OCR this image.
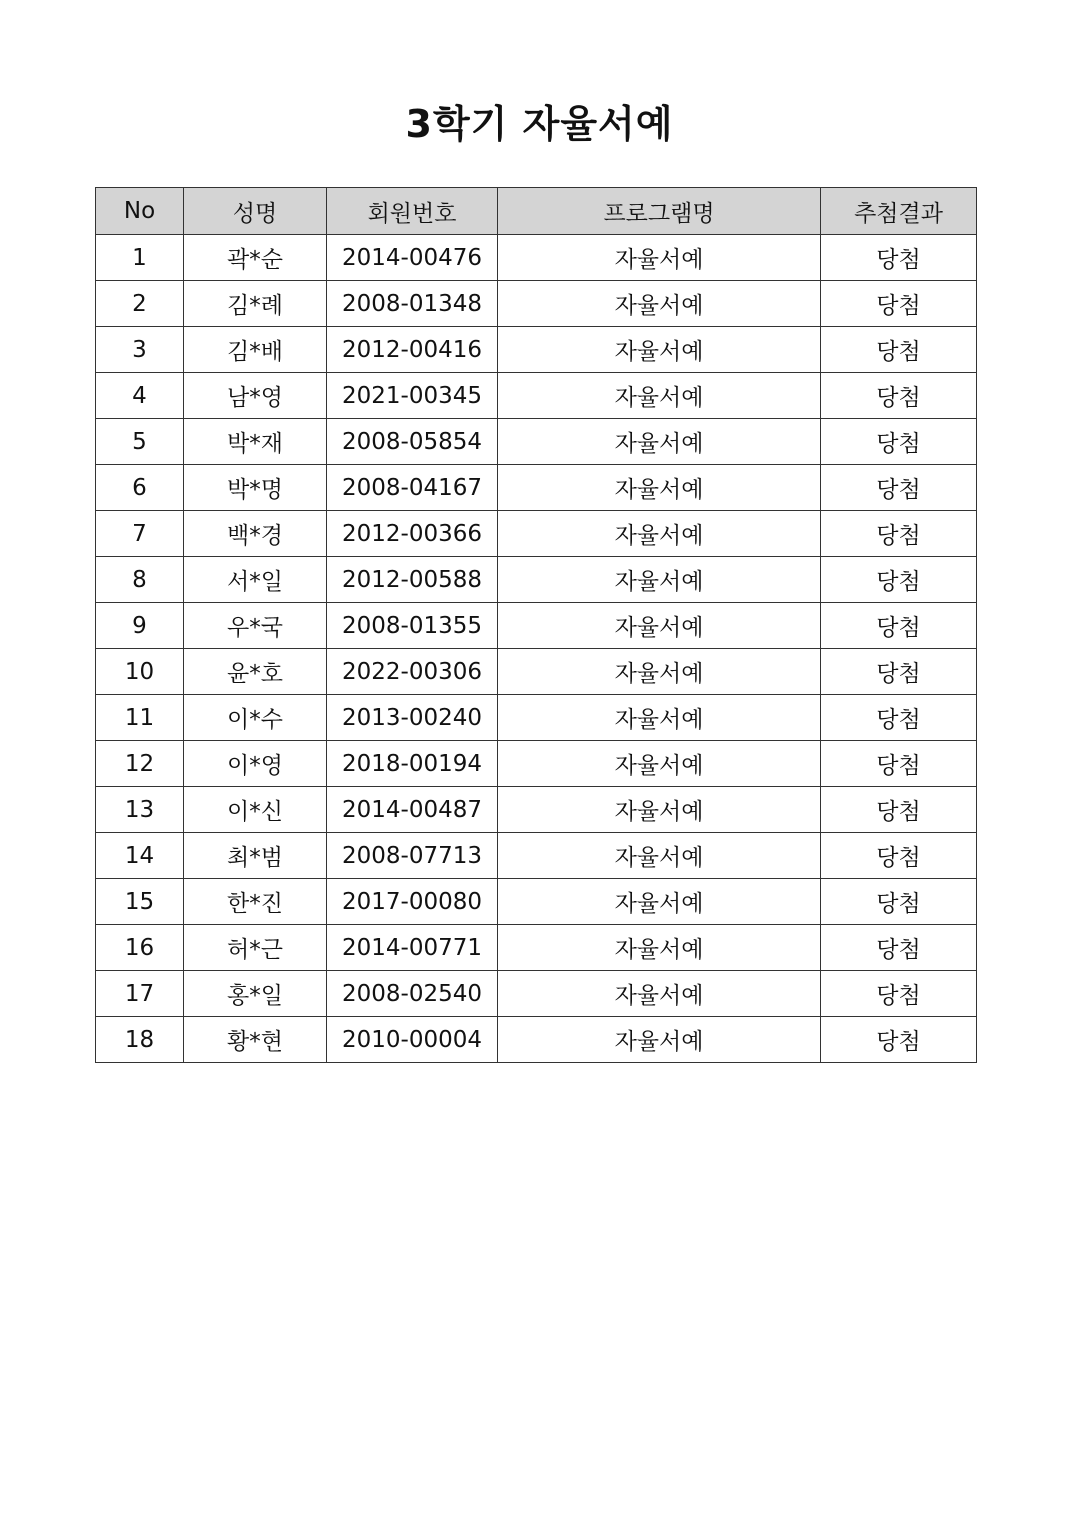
3학기 자율서예
No	성명	회원번호	프로그램명	추첨결과
1	곽*순	2014-00476	자율서예	당첨
2	김*례	2008-01348	자율서예	당첨
3	김*배	2012-00416	자율서예	당첨
4	남*영	2021-00345	자율서예	당첨
5	박*재	2008-05854	자율서예	당첨
6	박*명	2008-04167	자율서예	당첨
7	백*경	2012-00366	자율서예	당첨
8	서*일	2012-00588	자율서예	당첨
9	우*국	2008-01355	자율서예	당첨
10	윤*호	2022-00306	자율서예	당첨
11	이*수	2013-00240	자율서예	당첨
12	이*영	2018-00194	자율서예	당첨
13	이*신	2014-00487	자율서예	당첨
14	최*범	2008-07713	자율서예	당첨
15	한*진	2017-00080	자율서예	당첨
16	허*근	2014-00771	자율서예	당첨
17	홍*일	2008-02540	자율서예	당첨
18	황*현	2010-00004	자율서예	당첨
